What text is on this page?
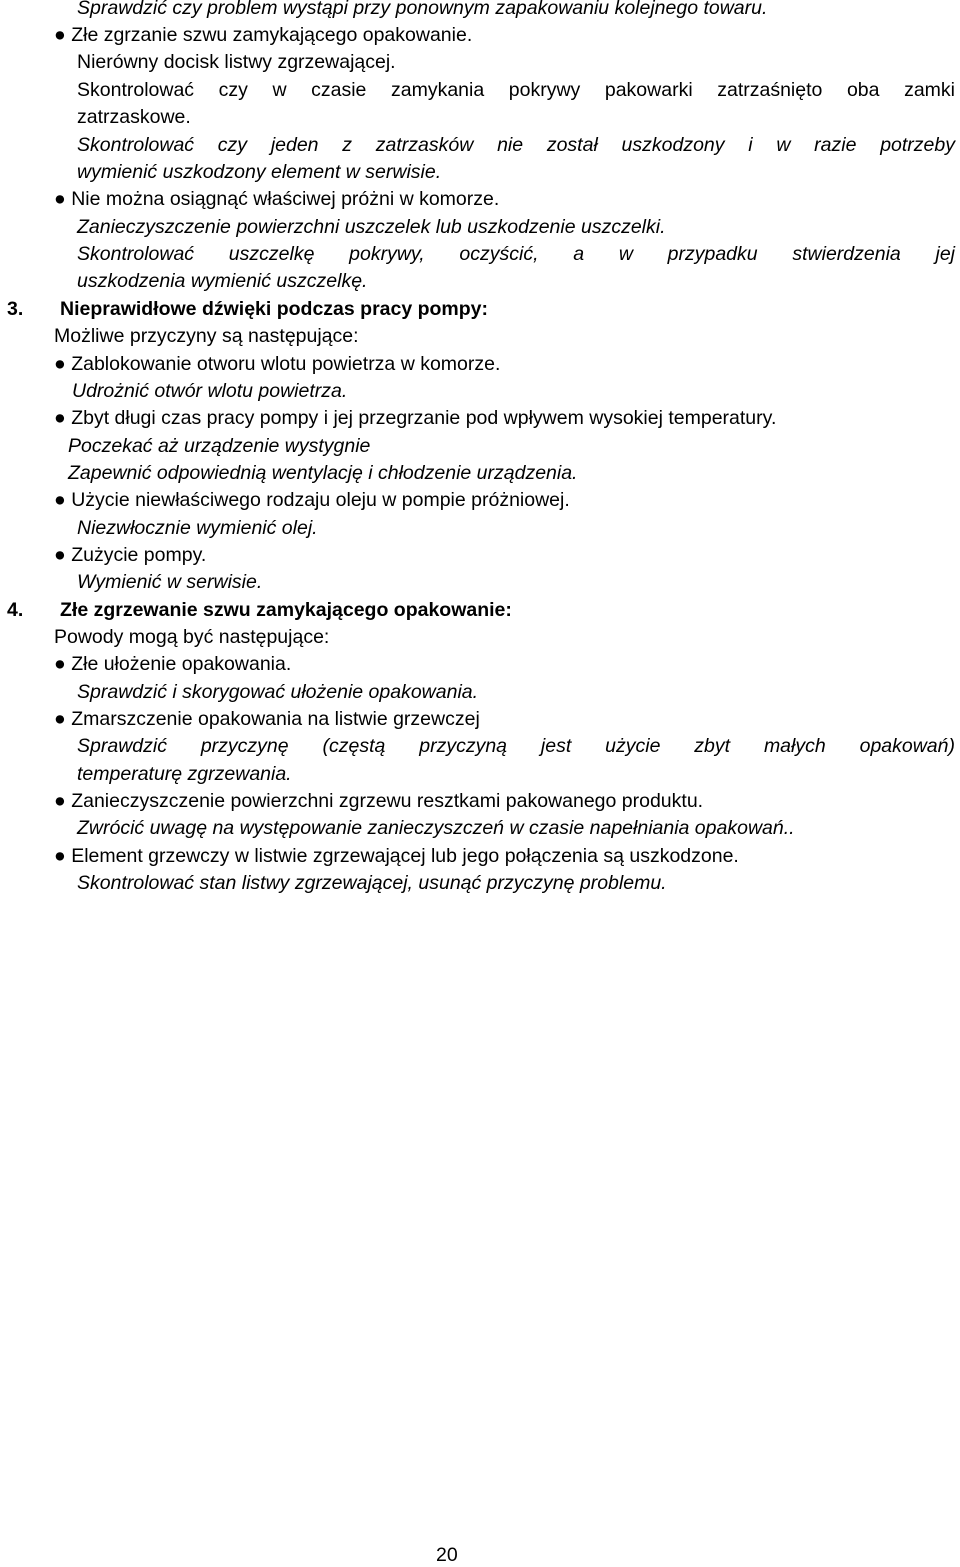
Sprawdzić czy problem wystąpi przy ponownym zapakowaniu kolejnego towaru.
● Złe zgrzanie szwu zamykającego opakowanie.
Nierówny docisk listwy zgrzewającej.
Skontrolować czy w czasie zamykania pokrywy pakowarki zatrzaśnięto oba zamki
zatrzaskowe.
Skontrolować czy jeden z zatrzasków nie został uszkodzony i w razie potrzeby
wymienić uszkodzony element w serwisie.
● Nie można osiągnąć właściwej próżni w komorze.
Zanieczyszczenie powierzchni uszczelek lub uszkodzenie uszczelki.
Skontrolować uszczelkę pokrywy, oczyścić, a w przypadku stwierdzenia jej
uszkodzenia wymienić uszczelkę.
3. Nieprawidłowe dźwięki podczas pracy pompy:
Możliwe przyczyny są następujące:
● Zablokowanie otworu wlotu powietrza w komorze.
Udrożnić otwór wlotu powietrza.
● Zbyt długi czas pracy pompy i jej przegrzanie pod wpływem wysokiej temperatury.
Poczekać aż urządzenie wystygnie
Zapewnić odpowiednią wentylację i chłodzenie urządzenia.
● Użycie niewłaściwego rodzaju oleju w pompie próżniowej.
Niezwłocznie wymienić olej.
● Zużycie pompy.
Wymienić w serwisie.
4. Złe zgrzewanie szwu zamykającego opakowanie:
Powody mogą być następujące:
● Złe ułożenie opakowania.
Sprawdzić i skorygować ułożenie opakowania.
● Zmarszczenie opakowania na listwie grzewczej
Sprawdzić przyczynę (częstą przyczyną jest użycie zbyt małych opakowań)
temperaturę zgrzewania.
● Zanieczyszczenie powierzchni zgrzewu resztkami pakowanego produktu.
Zwrócić uwagę na występowanie zanieczyszczeń w czasie napełniania opakowań..
● Element grzewczy w listwie zgrzewającej lub jego połączenia są uszkodzone.
Skontrolować stan listwy zgrzewającej, usunąć przyczynę problemu.
20
